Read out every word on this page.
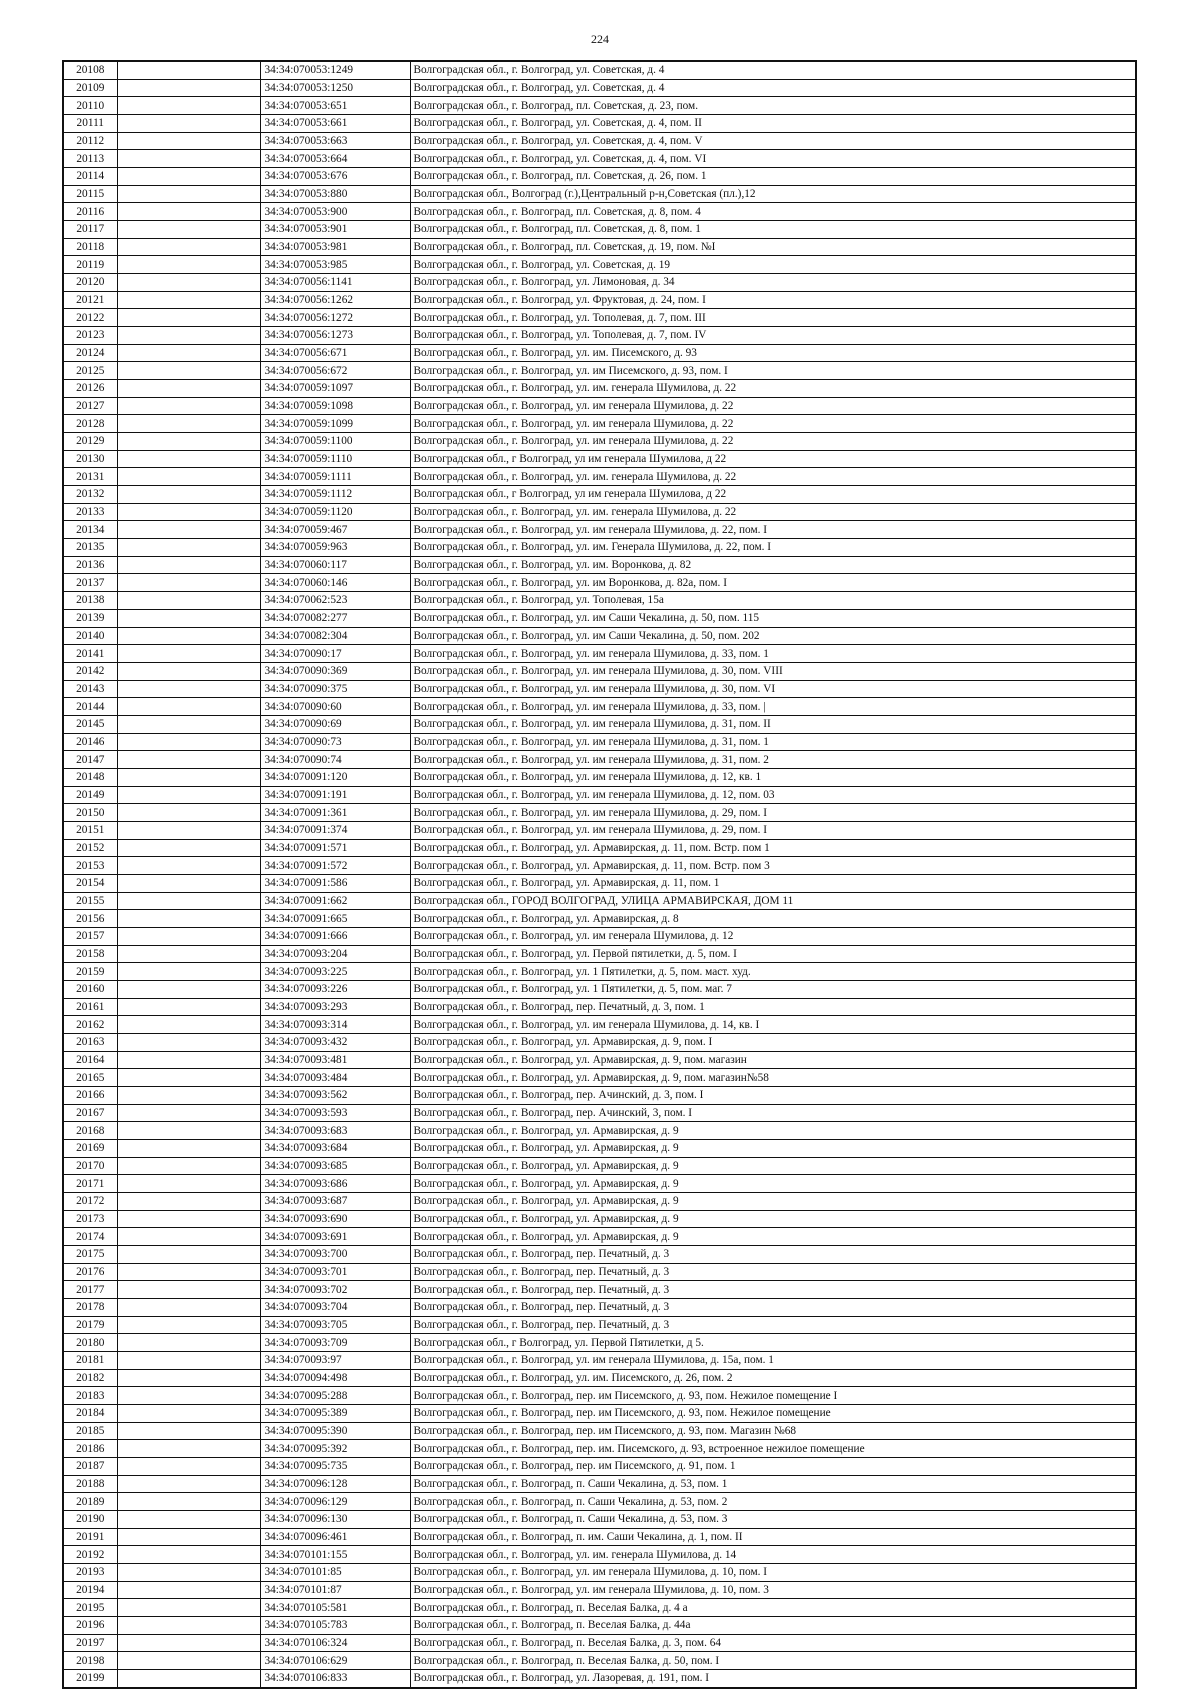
224
20108		34:34:070053:1249	Волгоградская обл., г. Волгоград, ул. Советская, д. 4
20109		34:34:070053:1250	Волгоградская обл., г. Волгоград, ул. Советская, д. 4
20110		34:34:070053:651	Волгоградская обл., г. Волгоград, пл. Советская, д. 23, пом.
20111		34:34:070053:661	Волгоградская обл., г. Волгоград, ул. Советская, д. 4, пом. II
20112		34:34:070053:663	Волгоградская обл., г. Волгоград, ул. Советская, д. 4, пом. V
20113		34:34:070053:664	Волгоградская обл., г. Волгоград, ул. Советская, д. 4, пом. VI
20114		34:34:070053:676	Волгоградская обл., г. Волгоград, пл. Советская, д. 26, пом. 1
20115		34:34:070053:880	Волгоградская обл., Волгоград (г.),Центральный р-н,Советская (пл.),12
20116		34:34:070053:900	Волгоградская обл., г. Волгоград, пл. Советская, д. 8, пом. 4
20117		34:34:070053:901	Волгоградская обл., г. Волгоград, пл. Советская, д. 8, пом. 1
20118		34:34:070053:981	Волгоградская обл., г. Волгоград, пл. Советская, д. 19, пом. №I
20119		34:34:070053:985	Волгоградская обл., г. Волгоград, ул. Советская, д. 19
20120		34:34:070056:1141	Волгоградская обл., г. Волгоград, ул. Лимоновая, д. 34
20121		34:34:070056:1262	Волгоградская обл., г. Волгоград, ул. Фруктовая, д. 24, пом. I
20122		34:34:070056:1272	Волгоградская обл., г. Волгоград, ул. Тополевая, д. 7, пом. III
20123		34:34:070056:1273	Волгоградская обл., г. Волгоград, ул. Тополевая, д. 7, пом. IV
20124		34:34:070056:671	Волгоградская обл., г. Волгоград, ул. им. Писемского, д. 93
20125		34:34:070056:672	Волгоградская обл., г. Волгоград, ул. им Писемского, д. 93, пом. I
20126		34:34:070059:1097	Волгоградская обл., г. Волгоград, ул. им. генерала Шумилова, д. 22
20127		34:34:070059:1098	Волгоградская обл., г. Волгоград, ул. им генерала Шумилова, д. 22
20128		34:34:070059:1099	Волгоградская обл., г. Волгоград, ул. им генерала Шумилова, д. 22
20129		34:34:070059:1100	Волгоградская обл., г. Волгоград, ул. им генерала Шумилова, д. 22
20130		34:34:070059:1110	Волгоградская обл., г Волгоград, ул им генерала Шумилова, д 22
20131		34:34:070059:1111	Волгоградская обл., г. Волгоград, ул. им. генерала Шумилова, д. 22
20132		34:34:070059:1112	Волгоградская обл., г Волгоград, ул им генерала Шумилова, д 22
20133		34:34:070059:1120	Волгоградская обл., г. Волгоград, ул. им. генерала Шумилова, д. 22
20134		34:34:070059:467	Волгоградская обл., г. Волгоград, ул. им генерала Шумилова, д. 22, пом. I
20135		34:34:070059:963	Волгоградская обл., г. Волгоград, ул. им. Генерала Шумилова, д. 22, пом. I
20136		34:34:070060:117	Волгоградская обл., г. Волгоград, ул. им. Воронкова, д. 82
20137		34:34:070060:146	Волгоградская обл., г. Волгоград, ул. им Воронкова, д. 82а, пом. I
20138		34:34:070062:523	Волгоградская обл., г. Волгоград, ул. Тополевая, 15а
20139		34:34:070082:277	Волгоградская обл., г. Волгоград, ул. им Саши Чекалина, д. 50, пом. 115
20140		34:34:070082:304	Волгоградская обл., г. Волгоград, ул. им Саши Чекалина, д. 50, пом. 202
20141		34:34:070090:17	Волгоградская обл., г. Волгоград, ул. им генерала Шумилова, д. 33, пом. 1
20142		34:34:070090:369	Волгоградская обл., г. Волгоград, ул. им генерала Шумилова, д. 30, пом. VIII
20143		34:34:070090:375	Волгоградская обл., г. Волгоград, ул. им генерала Шумилова, д. 30, пом. VI
20144		34:34:070090:60	Волгоградская обл., г. Волгоград, ул. им генерала Шумилова, д. 33, пом. |
20145		34:34:070090:69	Волгоградская обл., г. Волгоград, ул. им генерала Шумилова, д. 31, пом. II
20146		34:34:070090:73	Волгоградская обл., г. Волгоград, ул. им генерала Шумилова, д. 31, пом. 1
20147		34:34:070090:74	Волгоградская обл., г. Волгоград, ул. им генерала Шумилова, д. 31, пом. 2
20148		34:34:070091:120	Волгоградская обл., г. Волгоград, ул. им генерала Шумилова, д. 12, кв. 1
20149		34:34:070091:191	Волгоградская обл., г. Волгоград, ул. им генерала Шумилова, д. 12, пом. 03
20150		34:34:070091:361	Волгоградская обл., г. Волгоград, ул. им генерала Шумилова, д. 29, пом. I
20151		34:34:070091:374	Волгоградская обл., г. Волгоград, ул. им генерала Шумилова, д. 29, пом. I
20152		34:34:070091:571	Волгоградская обл., г. Волгоград, ул. Армавирская, д. 11, пом. Встр. пом 1
20153		34:34:070091:572	Волгоградская обл., г. Волгоград, ул. Армавирская, д. 11, пом. Встр. пом 3
20154		34:34:070091:586	Волгоградская обл., г. Волгоград, ул. Армавирская, д. 11, пом. 1
20155		34:34:070091:662	Волгоградская обл., ГОРОД ВОЛГОГРАД, УЛИЦА АРМАВИРСКАЯ, ДОМ 11
20156		34:34:070091:665	Волгоградская обл., г. Волгоград, ул. Армавирская, д. 8
20157		34:34:070091:666	Волгоградская обл., г. Волгоград, ул. им генерала Шумилова, д. 12
20158		34:34:070093:204	Волгоградская обл., г. Волгоград, ул. Первой пятилетки, д. 5, пом. I
20159		34:34:070093:225	Волгоградская обл., г. Волгоград, ул. 1 Пятилетки, д. 5, пом. маст. худ.
20160		34:34:070093:226	Волгоградская обл., г. Волгоград, ул. 1 Пятилетки, д. 5, пом. маг. 7
20161		34:34:070093:293	Волгоградская обл., г. Волгоград, пер. Печатный, д. 3, пом. 1
20162		34:34:070093:314	Волгоградская обл., г. Волгоград, ул. им генерала Шумилова, д. 14, кв. I
20163		34:34:070093:432	Волгоградская обл., г. Волгоград, ул. Армавирская, д. 9, пом. I
20164		34:34:070093:481	Волгоградская обл., г. Волгоград, ул. Армавирская, д. 9, пом. магазин
20165		34:34:070093:484	Волгоградская обл., г. Волгоград, ул. Армавирская, д. 9, пом. магазин№58
20166		34:34:070093:562	Волгоградская обл., г. Волгоград, пер. Ачинский, д. 3, пом. I
20167		34:34:070093:593	Волгоградская обл., г. Волгоград, пер. Ачинский, 3, пом. I
20168		34:34:070093:683	Волгоградская обл., г. Волгоград, ул. Армавирская, д. 9
20169		34:34:070093:684	Волгоградская обл., г. Волгоград, ул. Армавирская, д. 9
20170		34:34:070093:685	Волгоградская обл., г. Волгоград, ул. Армавирская, д. 9
20171		34:34:070093:686	Волгоградская обл., г. Волгоград, ул. Армавирская, д. 9
20172		34:34:070093:687	Волгоградская обл., г. Волгоград, ул. Армавирская, д. 9
20173		34:34:070093:690	Волгоградская обл., г. Волгоград, ул. Армавирская, д. 9
20174		34:34:070093:691	Волгоградская обл., г. Волгоград, ул. Армавирская, д. 9
20175		34:34:070093:700	Волгоградская обл., г. Волгоград, пер. Печатный, д. 3
20176		34:34:070093:701	Волгоградская обл., г. Волгоград, пер. Печатный, д. 3
20177		34:34:070093:702	Волгоградская обл., г. Волгоград, пер. Печатный, д. 3
20178		34:34:070093:704	Волгоградская обл., г. Волгоград, пер. Печатный, д. 3
20179		34:34:070093:705	Волгоградская обл., г. Волгоград, пер. Печатный, д. 3
20180		34:34:070093:709	Волгоградская обл., г Волгоград, ул. Первой Пятилетки, д 5.
20181		34:34:070093:97	Волгоградская обл., г. Волгоград, ул. им генерала Шумилова, д. 15а, пом. 1
20182		34:34:070094:498	Волгоградская обл., г. Волгоград, ул. им. Писемского, д. 26, пом. 2
20183		34:34:070095:288	Волгоградская обл., г. Волгоград, пер. им Писемского, д. 93, пом. Нежилое помещение I
20184		34:34:070095:389	Волгоградская обл., г. Волгоград, пер. им Писемского, д. 93, пом. Нежилое помещение
20185		34:34:070095:390	Волгоградская обл., г. Волгоград, пер. им Писемского, д. 93, пом. Магазин №68
20186		34:34:070095:392	Волгоградская обл., г. Волгоград, пер. им. Писемского, д. 93, встроенное нежилое помещение
20187		34:34:070095:735	Волгоградская обл., г. Волгоград, пер. им Писемского, д. 91, пом. 1
20188		34:34:070096:128	Волгоградская обл., г. Волгоград, п. Саши Чекалина, д. 53, пом. 1
20189		34:34:070096:129	Волгоградская обл., г. Волгоград, п. Саши Чекалина, д. 53, пом. 2
20190		34:34:070096:130	Волгоградская обл., г. Волгоград, п. Саши Чекалина, д. 53, пом. 3
20191		34:34:070096:461	Волгоградская обл., г. Волгоград, п. им. Саши Чекалина, д. 1, пом. II
20192		34:34:070101:155	Волгоградская обл., г. Волгоград, ул. им. генерала Шумилова, д. 14
20193		34:34:070101:85	Волгоградская обл., г. Волгоград, ул. им генерала Шумилова, д. 10, пом. I
20194		34:34:070101:87	Волгоградская обл., г. Волгоград, ул. им генерала Шумилова, д. 10, пом. 3
20195		34:34:070105:581	Волгоградская обл., г. Волгоград, п. Веселая Балка, д. 4 а
20196		34:34:070105:783	Волгоградская обл., г. Волгоград, п. Веселая Балка, д. 44а
20197		34:34:070106:324	Волгоградская обл., г. Волгоград, п. Веселая Балка, д. 3, пом. 64
20198		34:34:070106:629	Волгоградская обл., г. Волгоград, п. Веселая Балка, д. 50, пом. I
20199		34:34:070106:833	Волгоградская обл., г. Волгоград, ул. Лазоревая, д. 191, пом. I
